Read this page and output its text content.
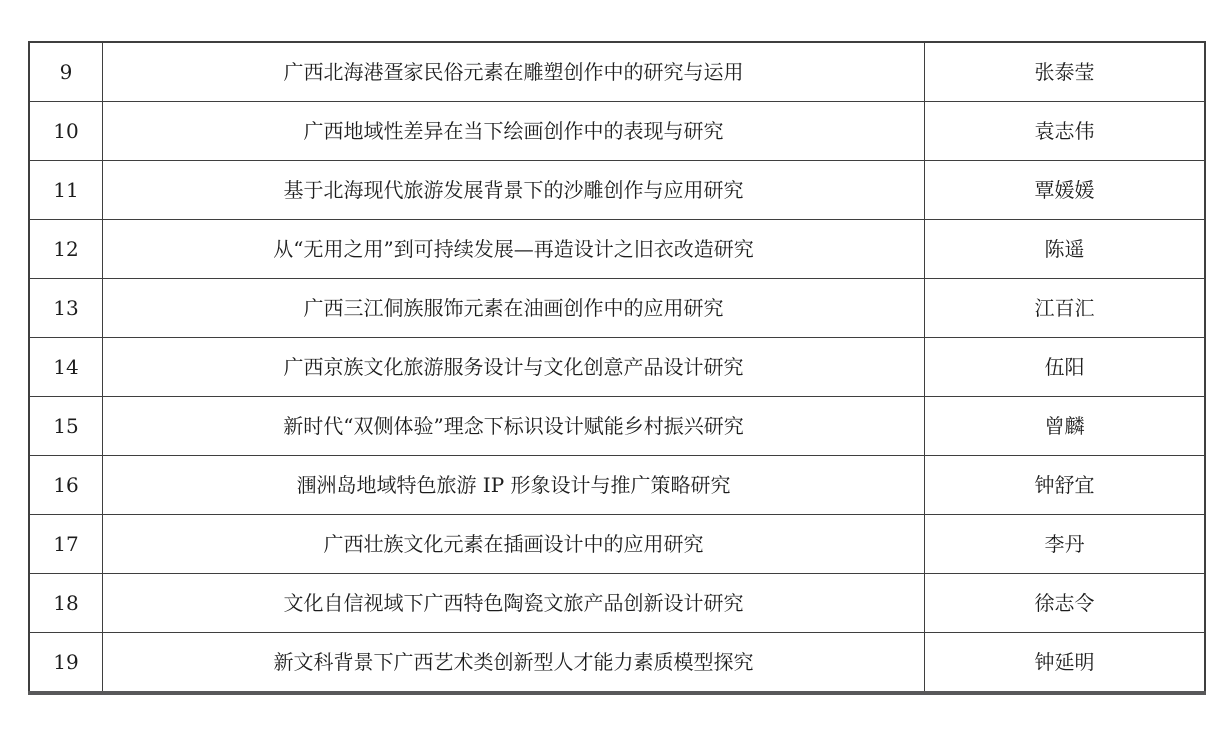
9	广西北海港疍家民俗元素在雕塑创作中的研究与运用	张泰莹
10	广西地域性差异在当下绘画创作中的表现与研究	袁志伟
11	基于北海现代旅游发展背景下的沙雕创作与应用研究	覃媛媛
12	从“无用之用”到可持续发展—再造设计之旧衣改造研究	陈遥
13	广西三江侗族服饰元素在油画创作中的应用研究	江百汇
14	广西京族文化旅游服务设计与文化创意产品设计研究	伍阳
15	新时代“双侧体验”理念下标识设计赋能乡村振兴研究	曾麟
16	涠洲岛地域特色旅游 IP 形象设计与推广策略研究	钟舒宜
17	广西壮族文化元素在插画设计中的应用研究	李丹
18	文化自信视域下广西特色陶瓷文旅产品创新设计研究	徐志令
19	新文科背景下广西艺术类创新型人才能力素质模型探究	钟延明
